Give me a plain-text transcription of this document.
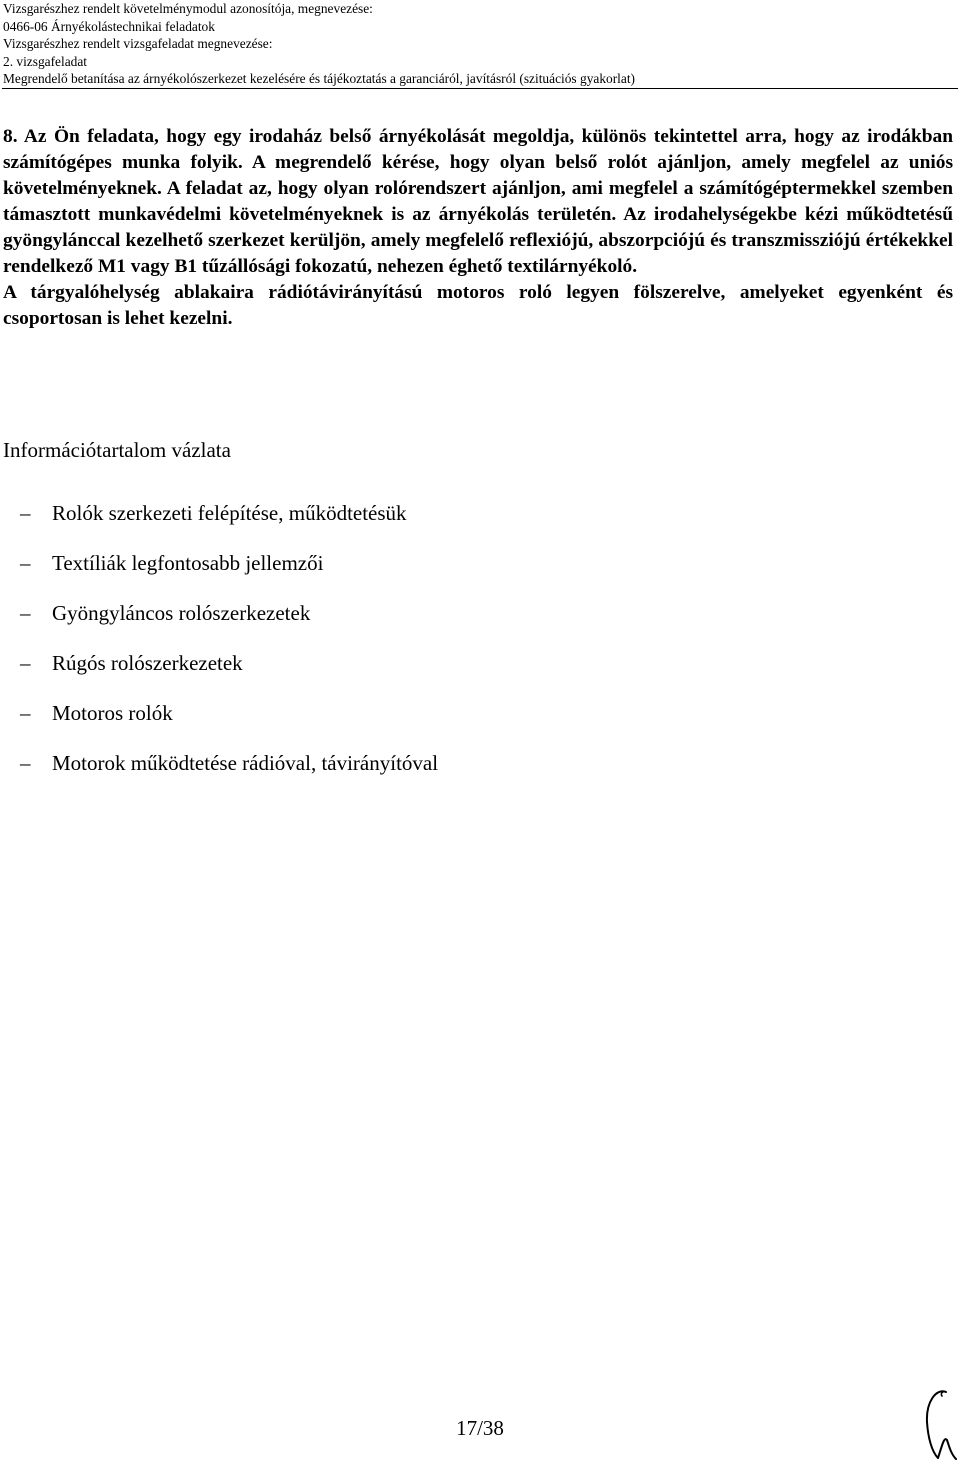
Vizsgarészhez rendelt követelménymodul azonosítója, megnevezése:
0466-06 Árnyékolástechnikai feladatok
Vizsgarészhez rendelt vizsgafeladat megnevezése:
2. vizsgafeladat
Megrendelő betanítása az árnyékolószerkezet kezelésére és tájékoztatás a garanciáról, javításról (szituációs gyakorlat)

8. Az Ön feladata, hogy egy irodaház belső árnyékolását megoldja, különös tekintettel arra, hogy az irodákban számítógépes munka folyik. A megrendelő kérése, hogy olyan belső rolót ajánljon, amely megfelel az uniós követelményeknek. A feladat az, hogy olyan rolórendszert ajánljon, ami megfelel a számítógéptermekkel szemben támasztott munkavédelmi követelményeknek is az árnyékolás területén. Az irodahelységekbe kézi működtetésű gyöngylánccal kezelhető szerkezet kerüljön, amely megfelelő reflexiójú, abszorpciójú és transzmissziójú értékekkel rendelkező M1 vagy B1 tűzállósági fokozatú, nehezen éghető textilárnyékoló.

A tárgyalóhelység ablakaira rádiótávirányítású motoros roló legyen fölszerelve, amelyeket egyenként és csoportosan is lehet kezelni.

Információtartalom vázlata
–	Rolók szerkezeti felépítése, működtetésük
–	Textíliák legfontosabb jellemzői
–	Gyöngyláncos rolószerkezetek
–	Rúgós rolószerkezetek
–	Motoros rolók
–	Motorok működtetése rádióval, távirányítóval
17/38
